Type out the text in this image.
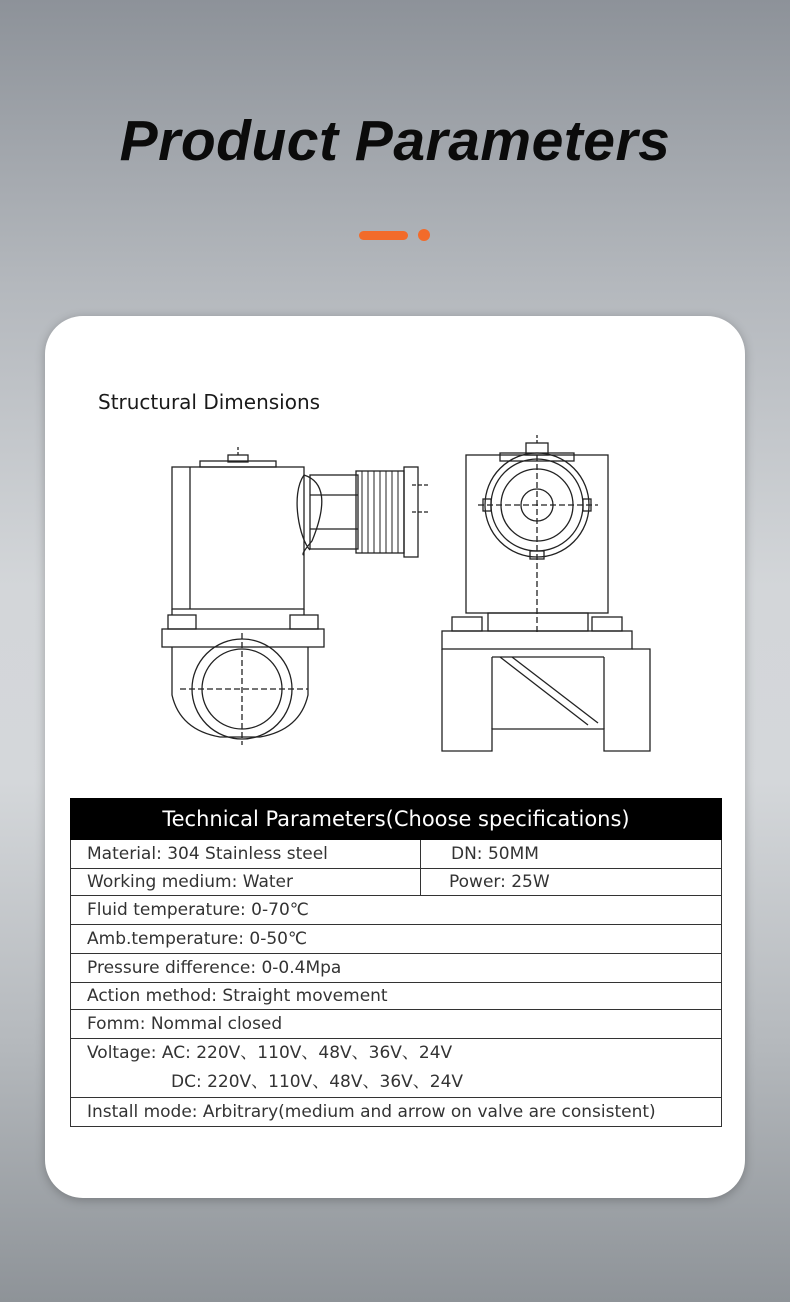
Product Parameters
Structural Dimensions
Technical Parameters(Choose specifications)	
Material: 304 Stainless steel	DN: 50MM
Working medium: Water	Power: 25W
Fluid temperature: 0-70℃	
Amb.temperature: 0-50℃	
Pressure difference: 0-0.4Mpa	
Action method: Straight movement	
Fomm: Nommal closed	

Voltage: AC: 220V、110V、48V、36V、24V
DC: 220V、110V、48V、36V、24V	

Install mode: Arbitrary(medium and arrow on valve are consistent)	
